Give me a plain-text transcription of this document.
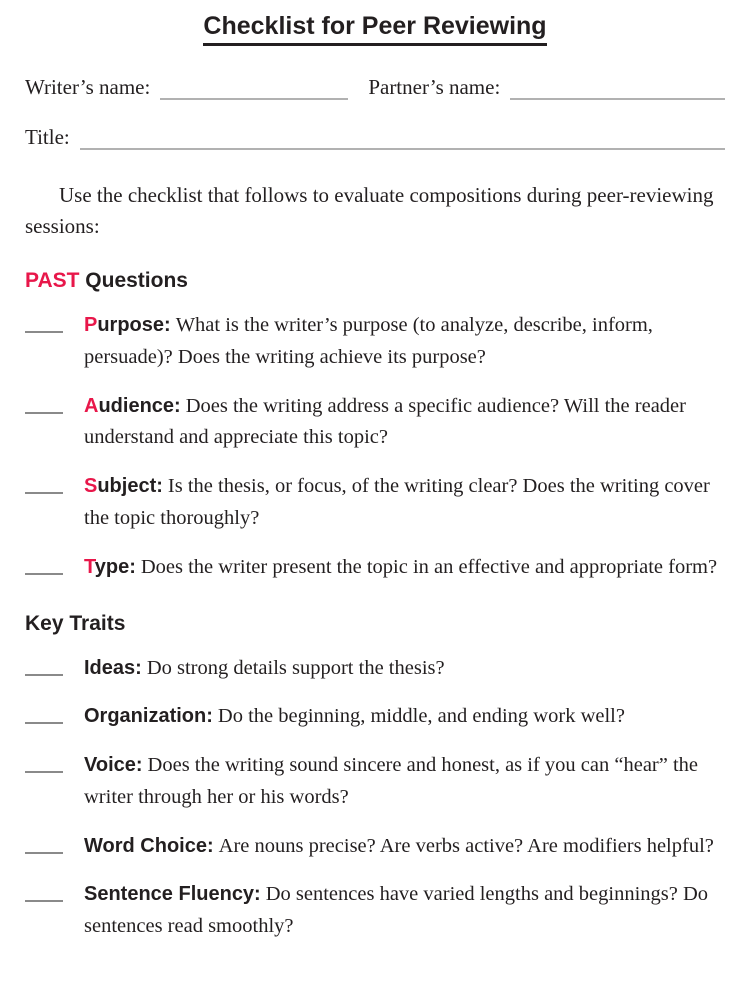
Checklist for Peer Reviewing
Writer’s name:	Partner’s name:
Title:

Use the checklist that follows to evaluate compositions during peer-reviewing sessions:

PAST Questions

Purpose: What is the writer’s purpose (to analyze, describe, inform, persuade)? Does the writing achieve its purpose?

Audience: Does the writing address a specific audience? Will the reader understand and appreciate this topic?

Subject: Is the thesis, or focus, of the writing clear? Does the writing cover the topic thoroughly?

Type: Does the writer present the topic in an effective and appropriate form?

Key Traits

Ideas: Do strong details support the thesis?

Organization: Do the beginning, middle, and ending work well?

Voice: Does the writing sound sincere and honest, as if you can “hear” the writer through her or his words?

Word Choice: Are nouns precise? Are verbs active? Are modifiers helpful?

Sentence Fluency: Do sentences have varied lengths and beginnings? Do sentences read smoothly?
